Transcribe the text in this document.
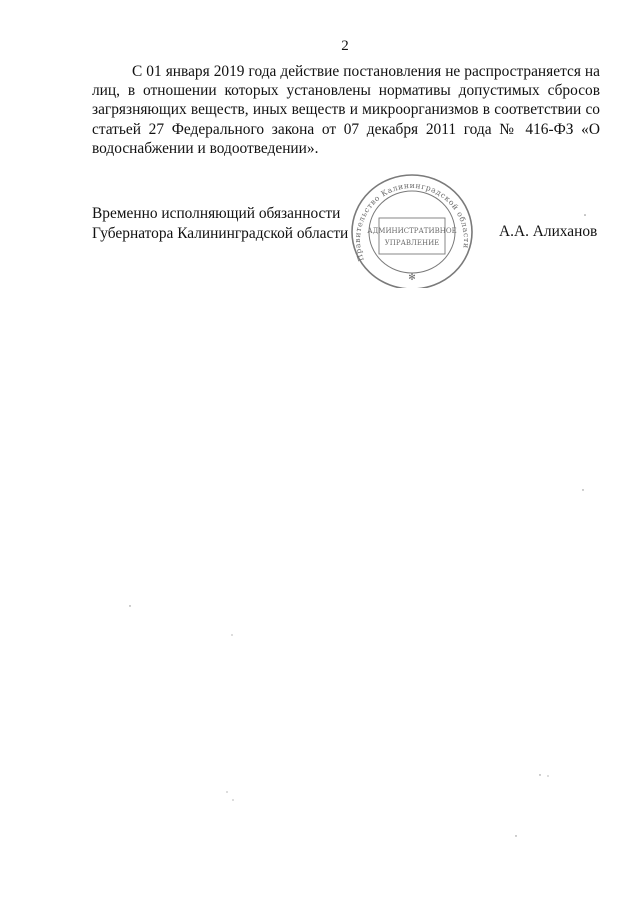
2

С 01 января 2019 года действие постановления не распространяется на лиц, в отношении которых установлены нормативы допустимых сбросов загрязняющих веществ, иных веществ и микроорганизмов в соответствии со статьей 27 Федерального закона от 07 декабря 2011 года № 416-ФЗ «О водоснабжении и водоотведении».

Временно исполняющий обязанности
Губернатора Калининградской области	А.А. Алиханов
Правительство Калининградской области
АДМИНИСТРАТИВНОЕ
УПРАВЛЕНИЕ
✻
